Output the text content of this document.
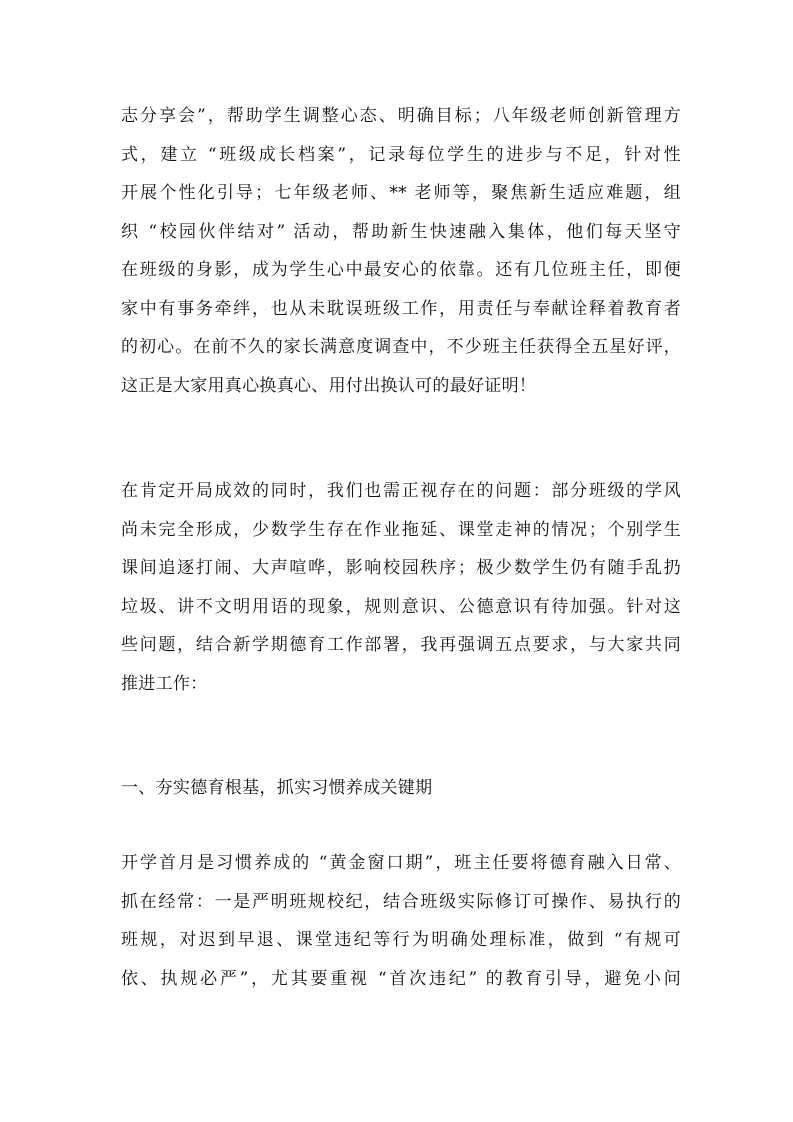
志分享会”，帮助学生调整心态、明确目标；八年级老师创新管理方
式，建立 “班级成长档案”，记录每位学生的进步与不足，针对性
开展个性化引导；七年级老师、** 老师等，聚焦新生适应难题，组
织 “校园伙伴结对” 活动，帮助新生快速融入集体，他们每天坚守
在班级的身影，成为学生心中最安心的依靠。还有几位班主任，即便
家中有事务牵绊，也从未耽误班级工作，用责任与奉献诠释着教育者
的初心。在前不久的家长满意度调查中，不少班主任获得全五星好评，
这正是大家用真心换真心、用付出换认可的最好证明！
在肯定开局成效的同时，我们也需正视存在的问题：部分班级的学风
尚未完全形成，少数学生存在作业拖延、课堂走神的情况；个别学生
课间追逐打闹、大声喧哗，影响校园秩序；极少数学生仍有随手乱扔
垃圾、讲不文明用语的现象，规则意识、公德意识有待加强。针对这
些问题，结合新学期德育工作部署，我再强调五点要求，与大家共同
推进工作：
一、夯实德育根基，抓实习惯养成关键期
开学首月是习惯养成的 “黄金窗口期”，班主任要将德育融入日常、
抓在经常：一是严明班规校纪，结合班级实际修订可操作、易执行的
班规，对迟到早退、课堂违纪等行为明确处理标准，做到 “有规可
依、执规必严”，尤其要重视 “首次违纪” 的教育引导，避免小问
